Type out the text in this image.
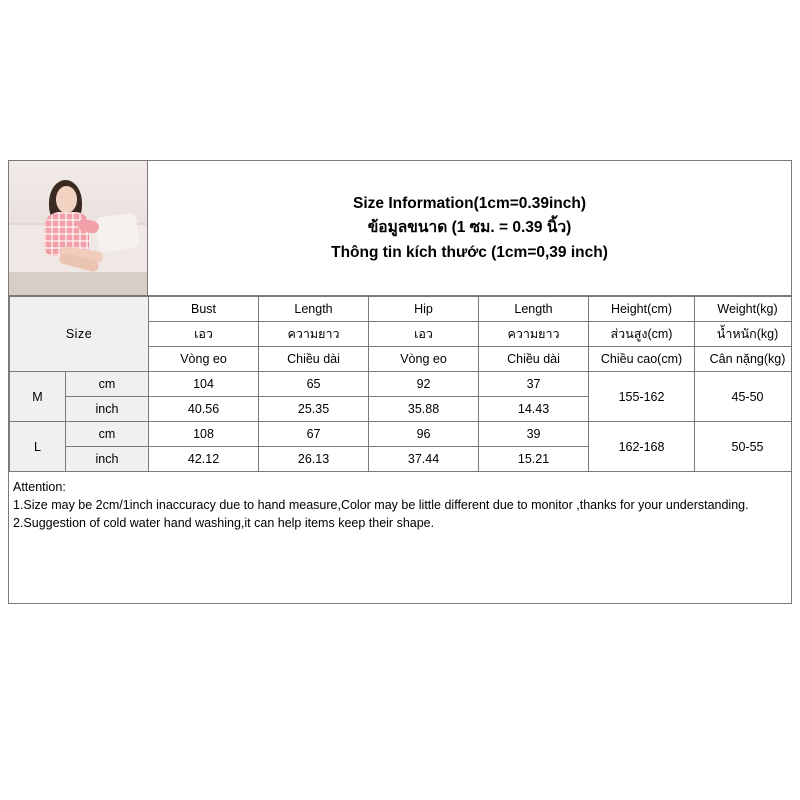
Size Information(1cm=0.39inch)
ข้อมูลขนาด (1 ซม. = 0.39 นิ้ว)
Thông tin kích thước (1cm=0,39 inch)
Size		Bust	Length	Hip	Length	Height(cm)	Weight(kg)
		เอว	ความยาว	เอว	ความยาว	ส่วนสูง(cm)	น้ำหนัก(kg)
		Vòng eo	Chiều dài	Vòng eo	Chiều dài	Chiều cao(cm)	Cân nặng(kg)
M	cm	104	65	92	37	155-162	45-50
	inch	40.56	25.35	35.88	14.43		
L	cm	108	67	96	39	162-168	50-55
	inch	42.12	26.13	37.44	15.21		
Attention:
1.Size may be 2cm/1inch inaccuracy due to hand measure,Color may be little different due to monitor ,thanks for your understanding.
2.Suggestion of cold water hand washing,it can help items keep their shape.
